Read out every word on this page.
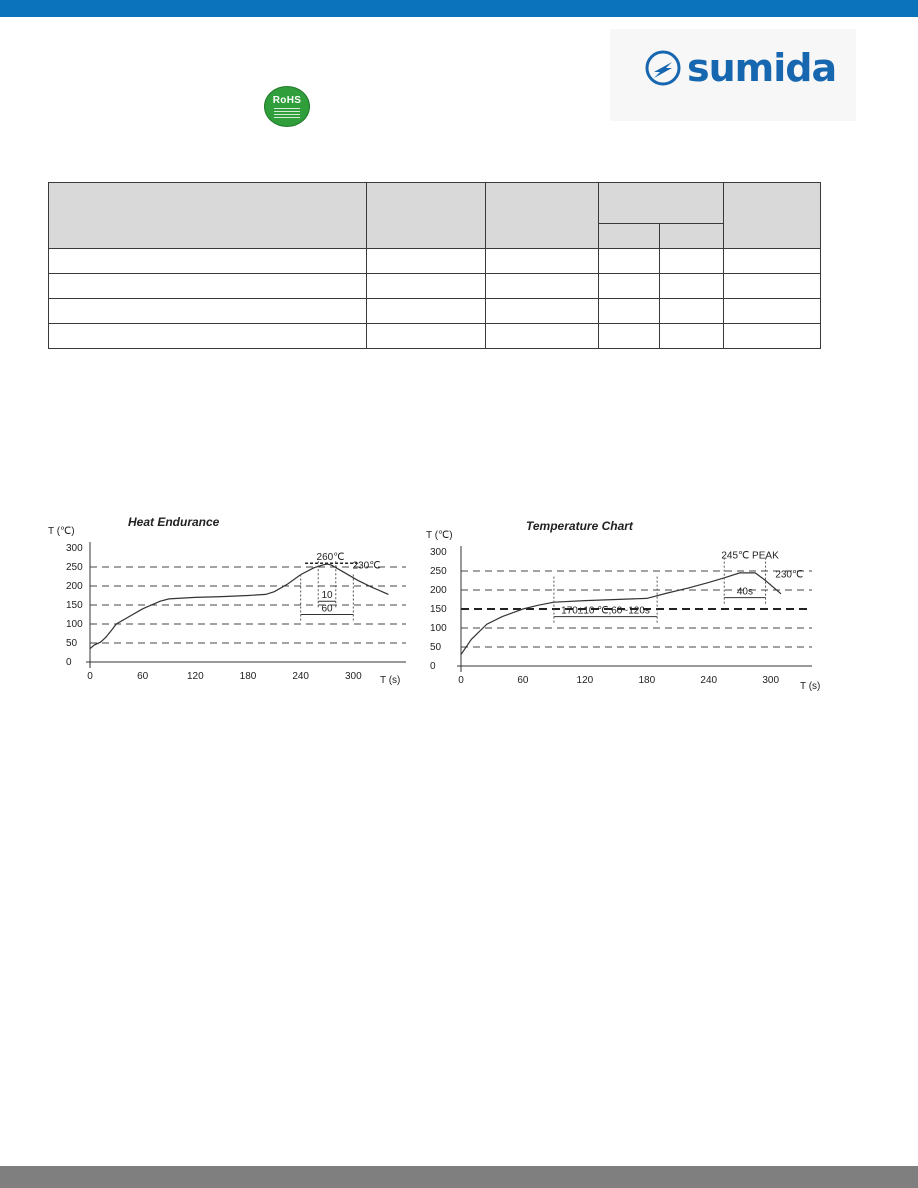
RoHS
sumida

Heat Endurance
T (℃)
T (s)
0
50
100
150
200
250
300
0	60	120	180	240	300
260℃
230℃
10
60
Temperature Chart
T (℃)
T (s)
0
50
100
150
200
250
300
0	60	120	180	240	300
245℃ PEAK
230℃
40s
170±10 ℃,60~120s
